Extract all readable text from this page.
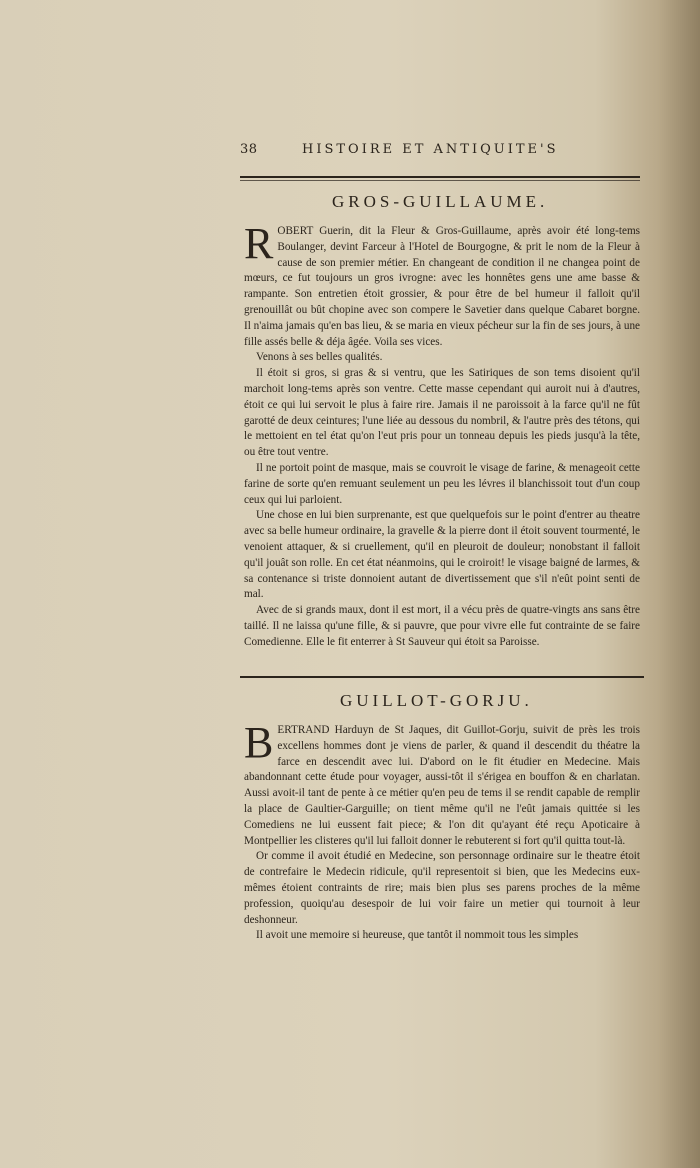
38	HISTOIRE ET ANTIQUITE'S
GROS-GUILLAUME.

ROBERT Guerin, dit la Fleur & Gros-Guillaume, après avoir été long-tems Boulanger, devint Farceur à l'Hotel de Bourgogne, & prit le nom de la Fleur à cause de son premier métier. En changeant de condition il ne changea point de mœurs, ce fut toujours un gros ivrogne: avec les honnêtes gens une ame basse & rampante. Son entretien étoit grossier, & pour être de bel humeur il falloit qu'il grenouillât ou bût chopine avec son compere le Savetier dans quelque Cabaret borgne. Il n'aima jamais qu'en bas lieu, & se maria en vieux pécheur sur la fin de ses jours, à une fille assés belle & déja âgée. Voila ses vices.

Venons à ses belles qualités.

Il étoit si gros, si gras & si ventru, que les Satiriques de son tems disoient qu'il marchoit long-tems après son ventre. Cette masse cependant qui auroit nui à d'autres, étoit ce qui lui servoit le plus à faire rire. Jamais il ne paroissoit à la farce qu'il ne fût garotté de deux ceintures; l'une liée au dessous du nombril, & l'autre près des tétons, qui le mettoient en tel état qu'on l'eut pris pour un tonneau depuis les pieds jusqu'à la tête, ou être tout ventre.

Il ne portoit point de masque, mais se couvroit le visage de farine, & menageoit cette farine de sorte qu'en remuant seulement un peu les lévres il blanchissoit tout d'un coup ceux qui lui parloient.

Une chose en lui bien surprenante, est que quelquefois sur le point d'entrer au theatre avec sa belle humeur ordinaire, la gravelle & la pierre dont il étoit souvent tourmenté, le venoient attaquer, & si cruellement, qu'il en pleuroit de douleur; nonobstant il falloit qu'il jouât son rolle. En cet état néanmoins, qui le croiroit! le visage baigné de larmes, & sa contenance si triste donnoient autant de divertissement que s'il n'eût point senti de mal.

Avec de si grands maux, dont il est mort, il a vécu près de quatre-vingts ans sans être taillé. Il ne laissa qu'une fille, & si pauvre, que pour vivre elle fut contrainte de se faire Comedienne. Elle le fit enterrer à St Sauveur qui étoit sa Paroisse.

GUILLOT-GORJU.

BERTRAND Harduyn de St Jaques, dit Guillot-Gorju, suivit de près les trois excellens hommes dont je viens de parler, & quand il descendit du théatre la farce en descendit avec lui. D'abord on le fit étudier en Medecine. Mais abandonnant cette étude pour voyager, aussi-tôt il s'érigea en bouffon & en charlatan. Aussi avoit-il tant de pente à ce métier qu'en peu de tems il se rendit capable de remplir la place de Gaultier-Garguille; on tient même qu'il ne l'eût jamais quittée si les Comediens ne lui eussent fait piece; & l'on dit qu'ayant été reçu Apoticaire à Montpellier les clisteres qu'il lui falloit donner le rebuterent si fort qu'il quitta tout-là.

Or comme il avoit étudié en Medecine, son personnage ordinaire sur le theatre étoit de contrefaire le Medecin ridicule, qu'il representoit si bien, que les Medecins eux-mêmes étoient contraints de rire; mais bien plus ses parens proches de la même profession, quoiqu'au desespoir de lui voir faire un metier qui tournoit à leur deshonneur.

Il avoit une memoire si heureuse, que tantôt il nommoit tous les simples
